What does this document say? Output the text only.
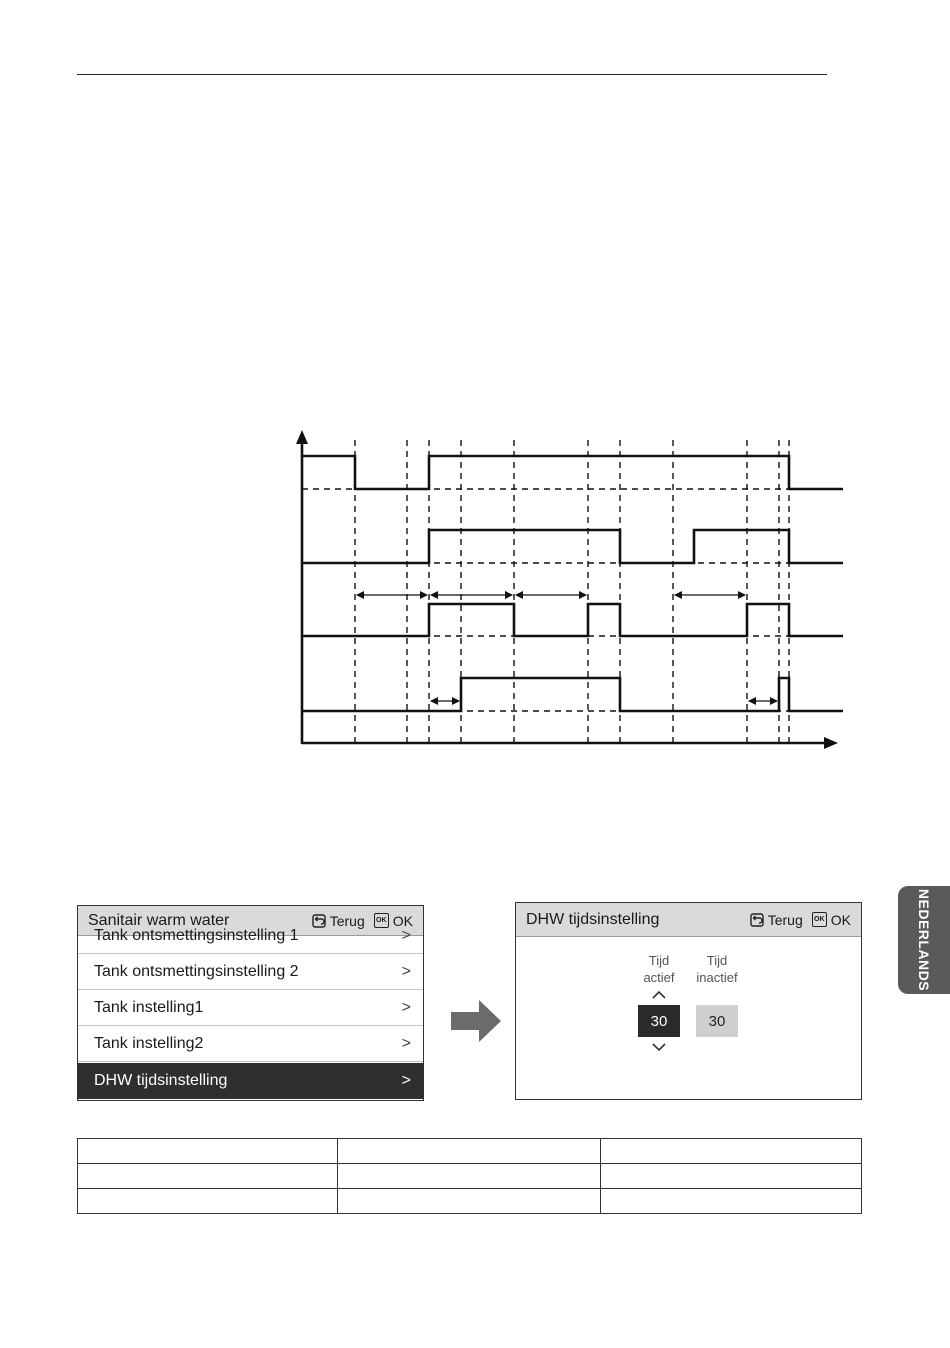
NEDERLANDS
Sanitair warm water	Terug	OK OK
Tank ontsmettingsinstelling 1	>
Tank ontsmettingsinstelling 2	>
Tank instelling1	>
Tank instelling2	>
DHW tijdsinstelling	>
DHW tijdsinstelling	Terug	OK OK
Tijd
actief
Tijd
inactief
30	30
